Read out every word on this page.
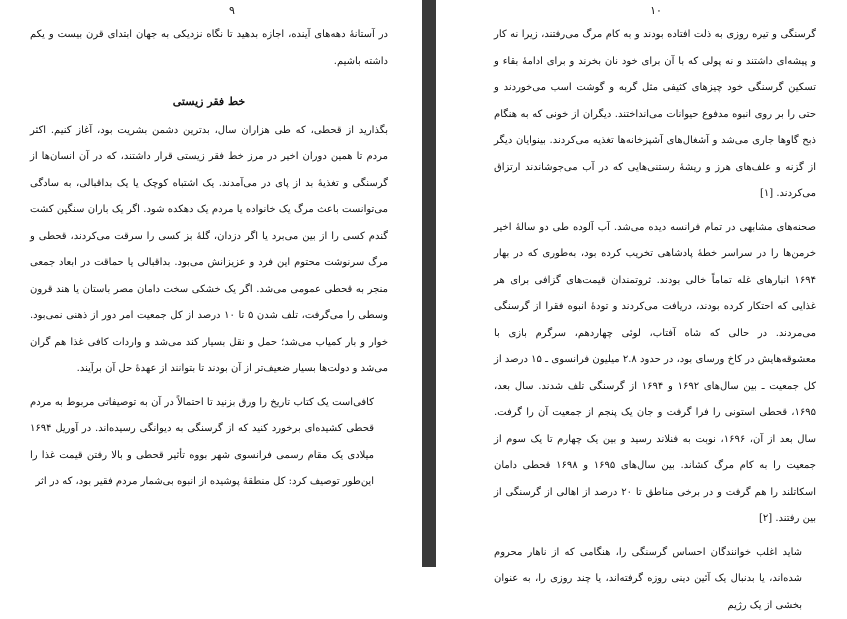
۹

در آستانهٔ دهه‌های آینده، اجازه بدهید تا نگاه نزدیکی به جهان ابتدای قرن بیست و یکم داشته باشیم.

خط فقر زیستی

بگذارید از قحطی، که طی هزاران سال، بدترین دشمن بشریت بود، آغاز کنیم. اکثر مردم تا همین دوران اخیر در مرز خط فقر زیستی قرار داشتند، که در آن انسان‌ها از گرسنگی و تغذیهٔ بد از پای در می‌آمدند. یک اشتباه کوچک یا یک بداقبالی، به سادگی می‌توانست باعث مرگ یک خانواده یا مردم یک دهکده شود. اگر یک باران سنگین کشت گندم کسی را از بین می‌برد یا اگر دزدان، گلهٔ بز کسی را سرقت می‌کردند، قحطی و مرگ سرنوشت محتوم این فرد و عزیزانش می‌بود. بداقبالی یا حماقت در ابعاد جمعی منجر به قحطی عمومی می‌شد. اگر یک خشکی سخت دامان مصر باستان یا هند قرون وسطی را می‌گرفت، تلف شدن ۵ تا ۱۰ درصد از کل جمعیت امر دور از ذهنی نمی‌بود. خوار و بار کمیاب می‌شد؛ حمل و نقل بسیار کند می‌شد و واردات کافی غذا هم گران می‌شد و دولت‌ها بسیار ضعیف‌تر از آن بودند تا بتوانند از عهدهٔ حل آن برآیند.

کافی‌است یک کتاب تاریخ را ورق بزنید تا احتمالاً در آن به توصیفاتی مربوط به مردم قحطی کشیده‌ای برخورد کنید که از گرسنگی به دیوانگی رسیده‌اند. در آوریل ۱۶۹۴ میلادی یک مقام رسمی فرانسوی شهر بووه تأثیر قحطی و بالا رفتن قیمت غذا را این‌طور توصیف کرد: کل منطقهٔ پوشیده از انبوه بی‌شمار مردم فقیر بود، که در اثر

۱۰

گرسنگی و تیره روزی به ذلت افتاده بودند و به کام مرگ می‌رفتند، زیرا نه کار و پیشه‌ای داشتند و نه پولی که با آن برای خود نان بخرند و برای ادامهٔ بقاء و تسکین گرسنگی خود چیزهای کثیفی مثل گربه و گوشت اسب می‌خوردند و حتی را بر روی انبوه مدفوع حیوانات می‌انداختند. دیگران از خونی که به هنگام ذبح گاوها جاری می‌شد و آشغال‌های آشپزخانه‌ها تغذیه می‌کردند. بینوایان دیگر از گزنه و علف‌های هرز و ریشهٔ رستنی‌هایی که در آب می‌جوشاندند ارتزاق می‌کردند. [۱]

صحنه‌های مشابهی در تمام فرانسه دیده می‌شد. آب آلوده طی دو سالهٔ اخیر خرمن‌ها را در سراسر خطهٔ پادشاهی تخریب کرده بود، به‌طوری که در بهار ۱۶۹۴ انبارهای غله تماماً خالی بودند. ثروتمندان قیمت‌های گزافی برای هر غذایی که احتکار کرده بودند، دریافت می‌کردند و تودهٔ انبوه فقرا از گرسنگی می‌مردند. در حالی که شاه آفتاب، لوئی چهاردهم، سرگرم بازی با معشوقه‌هایش در کاخ ورسای بود، در حدود ۲.۸ میلیون فرانسوی ـ ۱۵ درصد از کل جمعیت ـ بین سال‌های ۱۶۹۲ و ۱۶۹۴ از گرسنگی تلف شدند. سال بعد، ۱۶۹۵، قحطی استونی را فرا گرفت و جان یک پنجم از جمعیت آن را گرفت. سال بعد از آن، ۱۶۹۶، نوبت به فنلاند رسید و بین یک چهارم تا یک سوم از جمعیت را به کام مرگ کشاند. بین سال‌های ۱۶۹۵ و ۱۶۹۸ قحطی دامان اسکاتلند را هم گرفت و در برخی مناطق تا ۲۰ درصد از اهالی از گرسنگی از بین رفتند. [۲]

شاید اغلب خوانندگان احساس گرسنگی را، هنگامی که از ناهار محروم شده‌اند، یا بدنبال یک آئین دینی روزه گرفته‌اند، یا چند روزی را، به عنوان بخشی از یک رژیم
